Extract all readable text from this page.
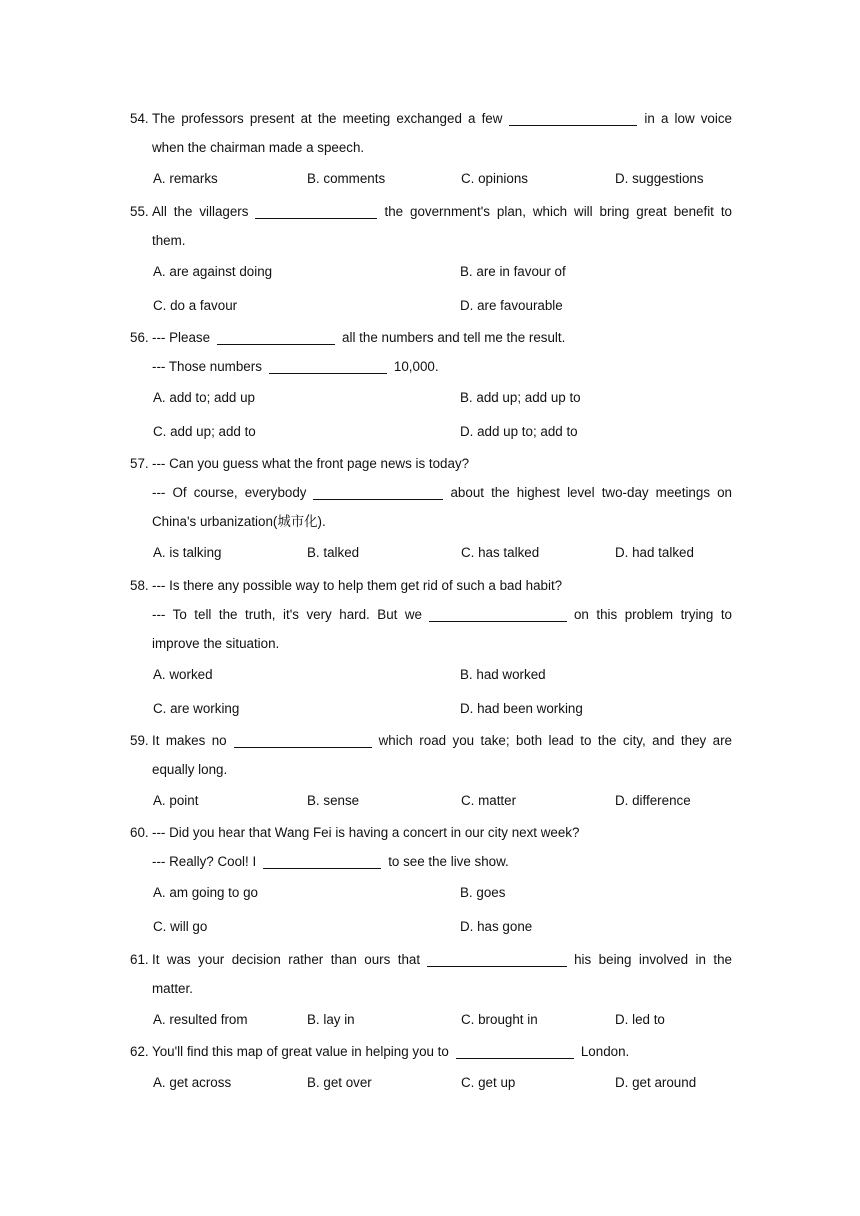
54. The professors present at the meeting exchanged a few	in a low voice
when the chairman made a speech.
A. remarks	B. comments	C. opinions	D. suggestions
55. All the villagers	the government's plan, which will bring great benefit to
them.
A. are against doing	B. are in favour of
C. do a favour	D. are favourable
56. --- Please	all the numbers and tell me the result.
--- Those numbers	10,000.
A. add to; add up	B. add up; add up to
C. add up; add to	D. add up to; add to
57. --- Can you guess what the front page news is today?
--- Of course, everybody	about the highest level two-day meetings on
China's urbanization(城市化).
A. is talking	B. talked	C. has talked	D. had talked
58. --- Is there any possible way to help them get rid of such a bad habit?
--- To tell the truth, it's very hard. But we	on this problem trying to
improve the situation.
A. worked	B. had worked
C. are working	D. had been working
59. It makes no	which road you take; both lead to the city, and they are
equally long.
A. point	B. sense	C. matter	D. difference
60. --- Did you hear that Wang Fei is having a concert in our city next week?
--- Really? Cool! I	to see the live show.
A. am going to go	B. goes
C. will go	D. has gone
61. It was your decision rather than ours that	his being involved in the
matter.
A. resulted from	B. lay in	C. brought in	D. led to
62. You'll find this map of great value in helping you to	London.
A. get across	B. get over	C. get up	D. get around
